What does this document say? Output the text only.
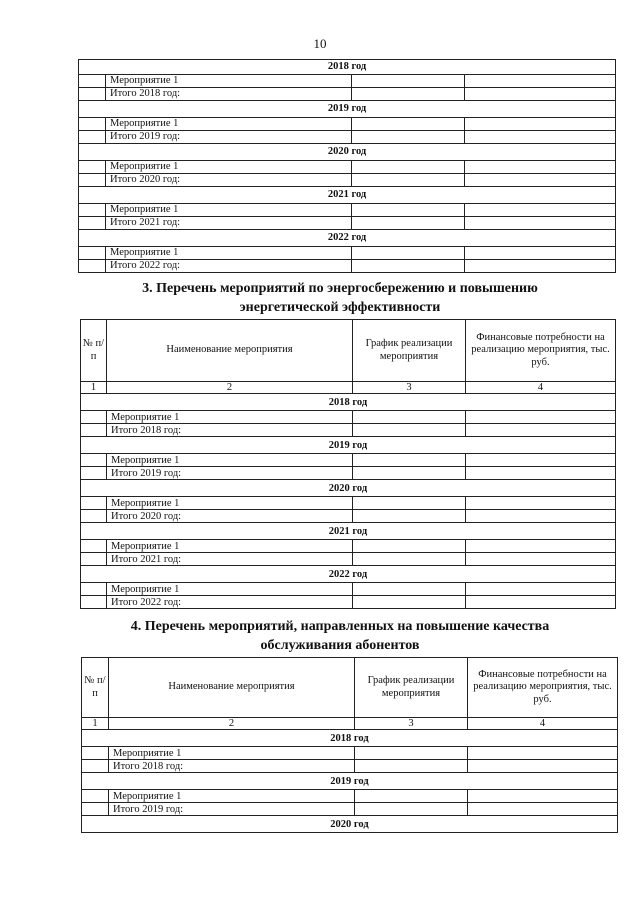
10
2018 год			
	Мероприятие 1		
	Итого 2018 год:		
2019 год			
	Мероприятие 1		
	Итого 2019 год:		
2020 год			
	Мероприятие 1		
	Итого 2020 год:		
2021 год			
	Мероприятие 1		
	Итого 2021 год:		
2022 год			
	Мероприятие 1		
	Итого 2022 год:		
3. Перечень мероприятий по энергосбережению и повышению
энергетической эффективности
№ п/п	Наименование мероприятия	График реализации мероприятия	Финансовые потребности на реализацию мероприятия, тыс. руб.
1	2	3	4
2018 год			
	Мероприятие 1		
	Итого 2018 год:		
2019 год			
	Мероприятие 1		
	Итого 2019 год:		
2020 год			
	Мероприятие 1		
	Итого 2020 год:		
2021 год			
	Мероприятие 1		
	Итого 2021 год:		
2022 год			
	Мероприятие 1		
	Итого 2022 год:		
4. Перечень мероприятий, направленных на повышение качества
обслуживания абонентов
№ п/п	Наименование мероприятия	График реализации мероприятия	Финансовые потребности на реализацию мероприятия, тыс. руб.
1	2	3	4
2018 год			
	Мероприятие 1		
	Итого 2018 год:		
2019 год			
	Мероприятие 1		
	Итого 2019 год:		
2020 год			
